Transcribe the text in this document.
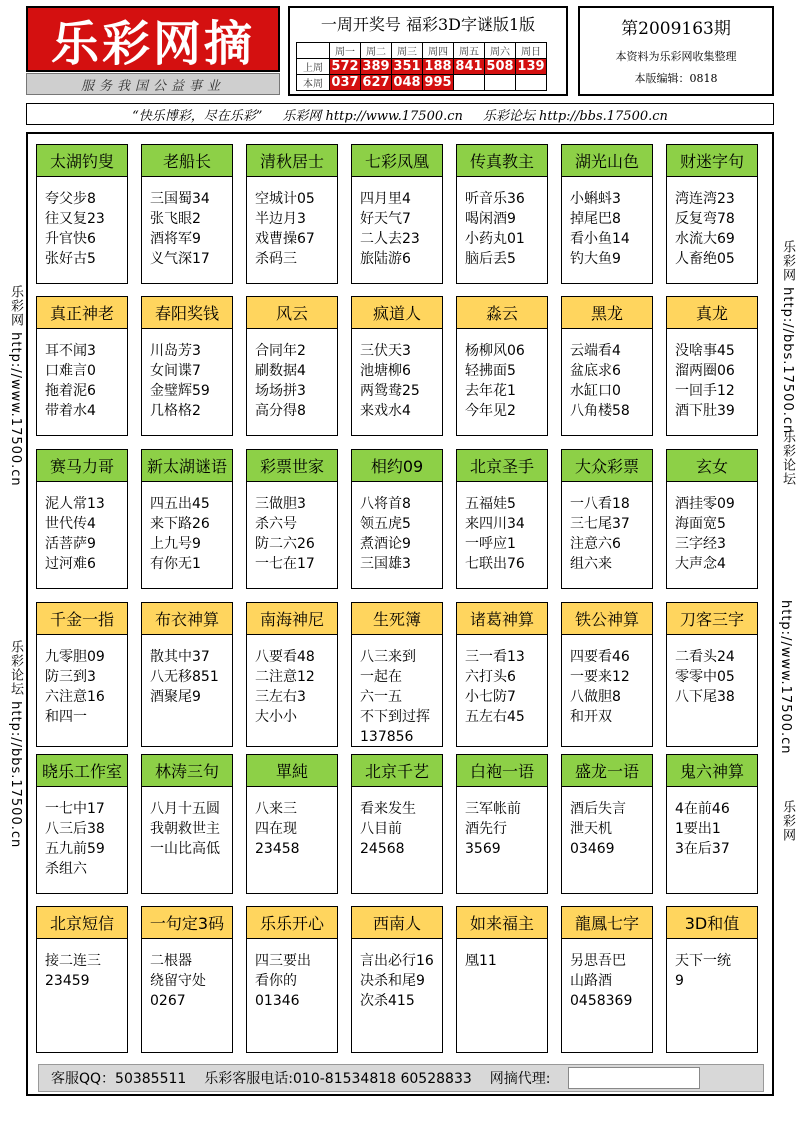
乐彩网摘
服务我国公益事业
一周开奖号 福彩3D字谜版1版
	周一	周二	周三	周四	周五	周六	周日
上周	572	389	351	188	841	508	139
本周	037	627	048	995			
第2009163期
本资料为乐彩网收集整理
本版编辑：0818
“快乐博彩，尽在乐彩” 乐彩网 http://www.17500.cn 乐彩论坛 http://bbs.17500.cn
乐彩网 http://www.17500.cn
乐彩论坛 http://bbs.17500.cn
乐彩网 http://bbs.17500.cn
乐彩论坛
http://www.17500.cn
乐彩网
太湖钓叟
夸父步8
往又复23
升官快6
张好古5
老船长
三国蜀34
张飞眼2
酒将军9
义气深17
清秋居士
空城计05
半边月3
戏曹操67
杀码三
七彩凤凰
四月里4
好天气7
二人去23
旅陆游6
传真教主
听音乐36
喝闲酒9
小药丸01
脑后丢5
湖光山色
小蝌蚪3
掉尾巴8
看小鱼14
钓大鱼9
财迷字句
湾连湾23
反复弯78
水流大69
人畜绝05
真正神老
耳不闻3
口难言0
拖着泥6
带着水4
春阳奖钱
川岛芳3
女间谍7
金璧辉59
几格格2
风云
合同年2
刷数据4
场场拼3
高分得8
疯道人
三伏天3
池塘柳6
两鸳鸯25
来戏水4
淼云
杨柳风06
轻拂面5
去年花1
今年见2
黑龙
云端看4
盆底求6
水缸口0
八角楼58
真龙
没啥事45
溜两圈06
一回手12
酒下肚39
赛马力哥
泥人常13
世代传4
活菩萨9
过河难6
新太湖谜语
四五出45
来下路26
上九号9
有你无1
彩票世家
三做胆3
杀六号
防二六26
一七在17
相约09
八将首8
领五虎5
煮酒论9
三国雄3
北京圣手
五福娃5
来四川34
一呼应1
七联出76
大众彩票
一八看18
三七尾37
注意六6
组六来
玄女
酒挂零09
海面宽5
三字经3
大声念4
千金一指
九零胆09
防三到3
六注意16
和四一
布衣神算
散其中37
八无移851
酒聚尾9
南海神尼
八要看48
二注意12
三左右3
大小小
生死簿
八三来到
一起在
六一五
不下到过挥
137856
诸葛神算
三一看13
六打头6
小七防7
五左右45
铁公神算
四要看46
一要来12
八做胆8
和开双
刀客三字
二看头24
零零中05
八下尾38
晓乐工作室
一七中17
八三后38
五九前59
杀组六
林涛三句
八月十五圆
我朝救世主
一山比高低
單純
八来三
四在现
23458
北京千艺
看来发生
八目前
24568
白袍一语
三军帐前
酒先行
3569
盛龙一语
酒后失言
泄天机
03469
鬼六神算
4在前46
1要出1
3在后37
北京短信
接二连三
23459
一句定3码
二根器
绕留守处
0267
乐乐开心
四三要出
看你的
01346
西南人
言出必行16
决杀和尾9
次杀415
如来福主
凰11
龍鳳七字
另思吾巴
山路酒
0458369
3D和值
天下一统
9
客服QQ：50385511 乐彩客服电话:010-81534818 60528833 网摘代理:
